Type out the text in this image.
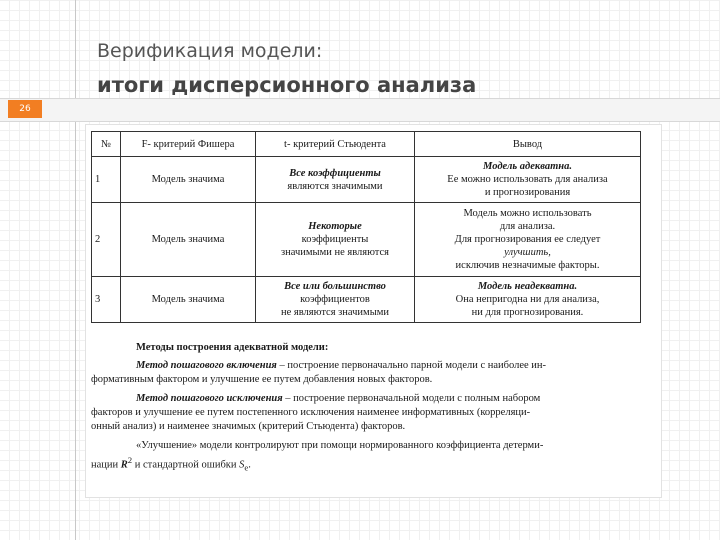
26
Верификация модели:
итоги дисперсионного анализа
№	F- критерий Фишера	t- критерий Стьюдента	Вывод
1	Модель значима	Все коэффициенты
являются значимыми	Модель адекватна.
Ее можно использовать для анализа
и прогнозирования

2	Модель значима	Некоторые
коэффициенты
значимыми не являются	Модель можно использовать
для анализа.
Для прогнозирования ее следует
улучшить,
исключив незначимые факторы.

3	Модель значима	Все или большинство
коэффициентов
не являются значимыми	Модель неадекватна.
Она непригодна ни для анализа,
ни для прогнозирования.
Методы построения адекватной модели:
Метод пошагового включения – построение первоначально парной модели с наиболее ин-
формативным фактором и улучшение ее путем добавления новых факторов.
Метод пошагового исключения – построение первоначальной модели с полным набором
факторов и улучшение ее путем постепенного исключения наименее информативных (корреляци-
онный анализ) и наименее значимых (критерий Стьюдента) факторов.
«Улучшение» модели контролируют при помощи нормированного коэффициента детерми-
нации $R^2$ и стандартной ошибки $S_e$.
